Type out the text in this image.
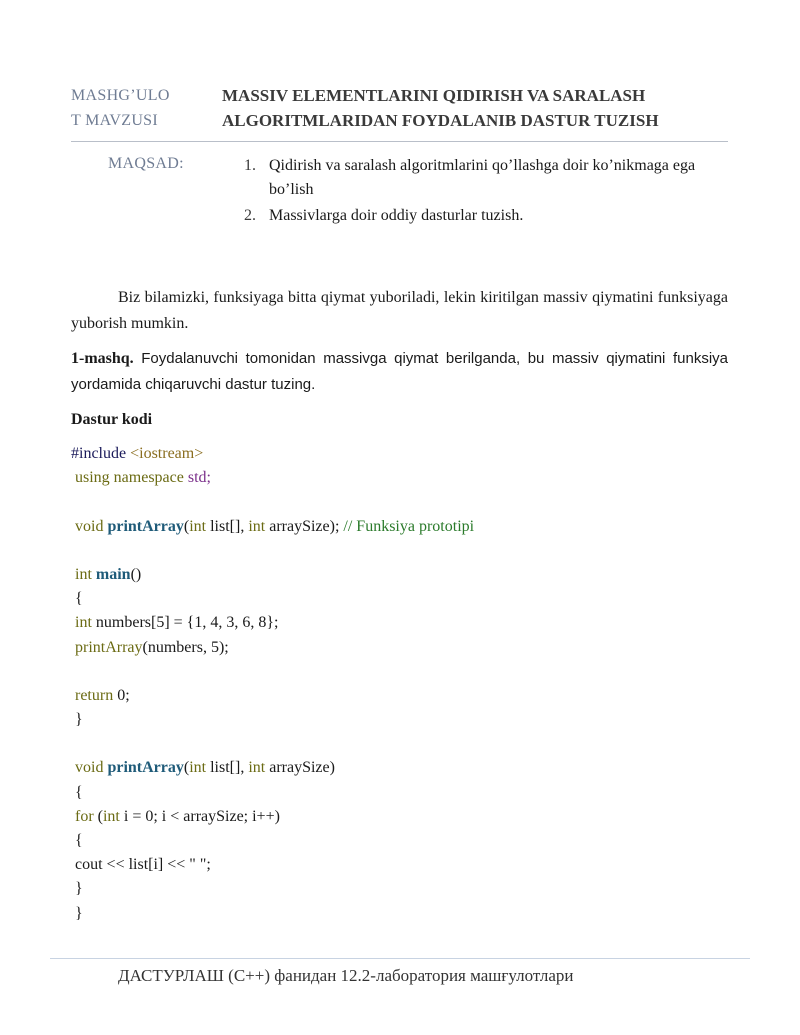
MASHG’ULO
T MAVZUSI
MASSIV ELEMENTLARINI QIDIRISH VA SARALASH
ALGORITMLARIDAN FOYDALANIB DASTUR TUZISH
MAQSAD:	1. Qidirish va saralash algoritmlarini qo’llashga doir ko’nikmaga ega bo’lish
2. Massivlarga doir oddiy dasturlar tuzish.

Biz bilamizki, funksiyaga bitta qiymat yuboriladi, lekin kiritilgan massiv qiymatini funksiyaga yuborish mumkin.

1-mashq. Foydalanuvchi tomonidan massivga qiymat berilganda, bu massiv qiymatini funksiya yordamida chiqaruvchi dastur tuzing.

Dastur kodi

#include <iostream>
using namespace std;

void printArray(int list[], int arraySize); // Funksiya prototipi

int main()
{
int numbers[5] = {1, 4, 3, 6, 8};
printArray(numbers, 5);

return 0;
}

void printArray(int list[], int arraySize)
{
for (int i = 0; i < arraySize; i++)
{
cout << list[i] << " ";
}
}
ДАСТУРЛАШ (C++) фанидан 12.2-лаборатория машғулотлари
